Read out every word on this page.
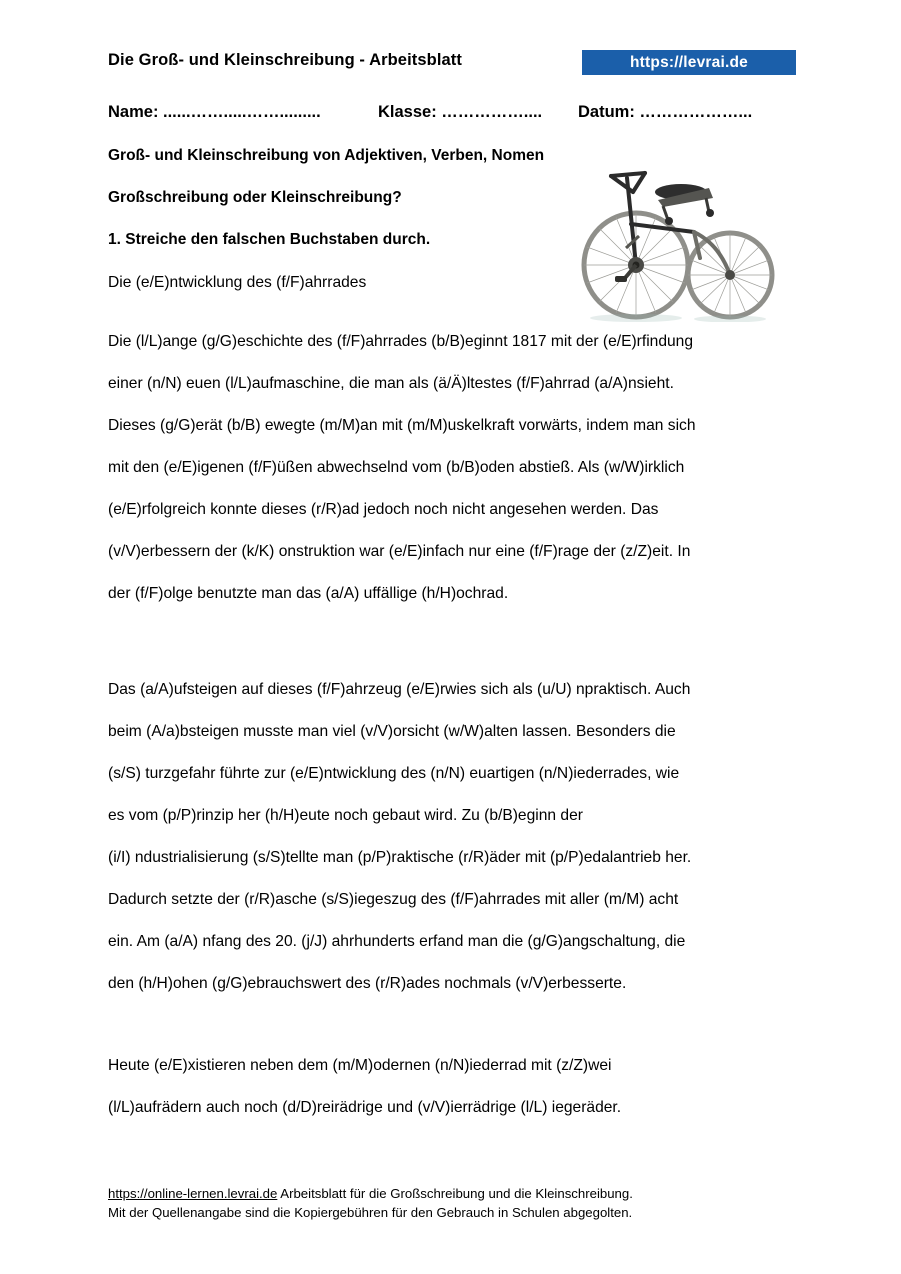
Die Groß- und Kleinschreibung - Arbeitsblatt	https://levrai.de
Name: ......…….....…….........	Klasse: …………….... Datum: ………………...
Groß- und Kleinschreibung von Adjektiven, Verben, Nomen
Großschreibung oder Kleinschreibung?
1. Streiche den falschen Buchstaben durch.
Die (e/E)ntwicklung des (f/F)ahrrades
Die (l/L)ange (g/G)eschichte des (f/F)ahrrades (b/B)eginnt 1817 mit der (e/E)rfindung
einer (n/N) euen (l/L)aufmaschine, die man als (ä/Ä)ltestes (f/F)ahrrad (a/A)nsieht.
Dieses (g/G)erät (b/B) ewegte (m/M)an mit (m/M)uskelkraft vorwärts, indem man sich
mit den (e/E)igenen (f/F)üßen abwechselnd vom (b/B)oden abstieß. Als (w/W)irklich
(e/E)rfolgreich konnte dieses (r/R)ad jedoch noch nicht angesehen werden. Das
(v/V)erbessern der (k/K) onstruktion war (e/E)infach nur eine (f/F)rage der (z/Z)eit. In
der (f/F)olge benutzte man das (a/A) uffällige (h/H)ochrad.
Das (a/A)ufsteigen auf dieses (f/F)ahrzeug (e/E)rwies sich als (u/U) npraktisch. Auch
beim (A/a)bsteigen musste man viel (v/V)orsicht (w/W)alten lassen. Besonders die
(s/S) turzgefahr führte zur (e/E)ntwicklung des (n/N) euartigen (n/N)iederrades, wie
es vom (p/P)rinzip her (h/H)eute noch gebaut wird. Zu (b/B)eginn der
(i/I) ndustrialisierung (s/S)tellte man (p/P)raktische (r/R)äder mit (p/P)edalantrieb her.
Dadurch setzte der (r/R)asche (s/S)iegeszug des (f/F)ahrrades mit aller (m/M) acht
ein. Am (a/A) nfang des 20. (j/J) ahrhunderts erfand man die (g/G)angschaltung, die
den (h/H)ohen (g/G)ebrauchswert des (r/R)ades nochmals (v/V)erbesserte.
Heute (e/E)xistieren neben dem (m/M)odernen (n/N)iederrad mit (z/Z)wei
(l/L)aufrädern auch noch (d/D)reirädrige und (v/V)ierrädrige (l/L) iegeräder.
https://online-lernen.levrai.de Arbeitsblatt für die Großschreibung und die Kleinschreibung.
Mit der Quellenangabe sind die Kopiergebühren für den Gebrauch in Schulen abgegolten.
